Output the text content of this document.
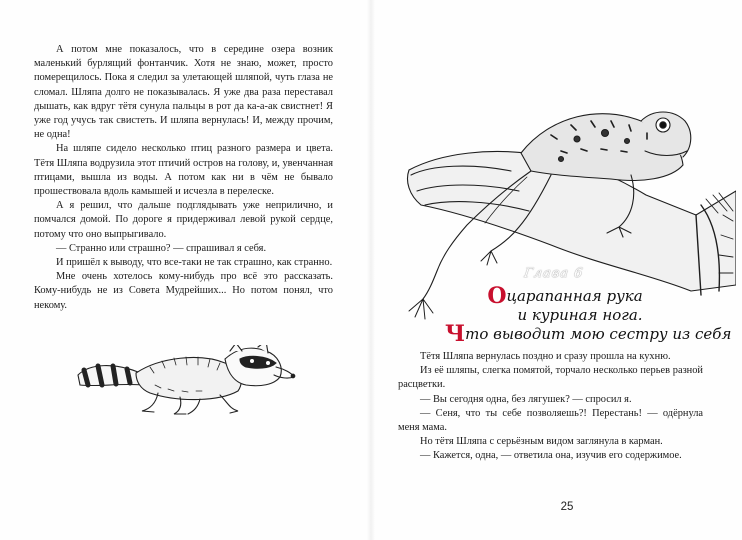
А потом мне показалось, что в середине озера возник маленький бурлящий фонтанчик. Хотя не знаю, может, просто померещилось. Пока я следил за улетающей шляпой, чуть глаза не сломал. Шляпа долго не показывалась. Я уже два раза переставал дышать, как вдруг тётя сунула пальцы в рот да ка-а-ак свистнет! Я уже год учусь так свистеть. И шляпа вернулась! И, между прочим, не одна!

На шляпе сидело несколько птиц разного размера и цвета. Тётя Шляпа водрузила этот птичий остров на голову, и, увенчанная птицами, вышла из воды. А потом как ни в чём не бывало прошествовала вдоль камышей и исчезла в перелеске.

А я решил, что дальше подглядывать уже неприлично, и помчался домой. По дороге я придерживал левой рукой сердце, потому что оно выпрыгивало.

— Странно или страшно? — спрашивал я себя.

И пришёл к выводу, что все-таки не так страшно, как странно.

Мне очень хотелось кому-нибудь про всё это рассказать. Кому-нибудь не из Совета Мудрейших... Но потом понял, что некому.

Глава 6
Оцарапанная рука
и куриная нога.
Что выводит мою сестру из себя

Тётя Шляпа вернулась поздно и сразу прошла на кухню.

Из её шляпы, слегка помятой, торчало несколько перьев разной расцветки.

— Вы сегодня одна, без лягушек? — спросил я.

— Сеня, что ты себе позволяешь?! Перестань! — одёрнула меня мама.

Но тётя Шляпа с серьёзным видом заглянула в карман.

— Кажется, одна, — ответила она, изучив его содержимое.

25
